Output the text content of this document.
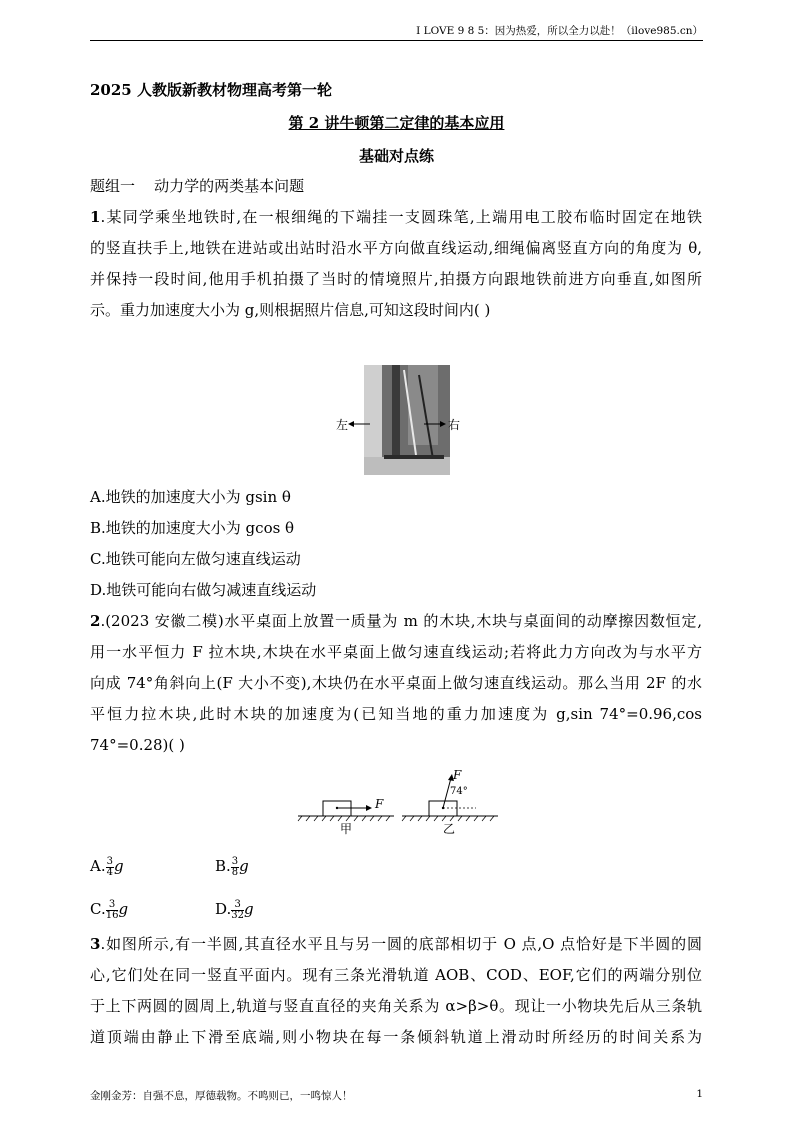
I LOVE 9 8 5：因为热爱，所以全力以赴！（ilove985.cn）
2025 人教版新教材物理高考第一轮
第 2 讲牛顿第二定律的基本应用
基础对点练
题组一    动力学的两类基本问题
1.某同学乘坐地铁时,在一根细绳的下端挂一支圆珠笔,上端用电工胶布临时固定在地铁
的竖直扶手上,地铁在进站或出站时沿水平方向做直线运动,细绳偏离竖直方向的角度为 θ,
并保持一段时间,他用手机拍摄了当时的情境照片,拍摄方向跟地铁前进方向垂直,如图所
示。重力加速度大小为 g,则根据照片信息,可知这段时间内( )
左	右
A.地铁的加速度大小为 gsin θ
B.地铁的加速度大小为 gcos θ
C.地铁可能向左做匀速直线运动
D.地铁可能向右做匀减速直线运动
2.(2023 安徽二模)水平桌面上放置一质量为 m 的木块,木块与桌面间的动摩擦因数恒定,
用一水平恒力 F 拉木块,木块在水平桌面上做匀速直线运动;若将此力方向改为与水平方
向成 74°角斜向上(F 大小不变),木块仍在水平桌面上做匀速直线运动。那么当用 2F 的水
平恒力拉木块,此时木块的加速度为(已知当地的重力加速度为 g,sin 74°=0.96,cos
74°=0.28)( )
F
F
74°
甲	乙
A. $\frac{3}{4}$ g	B. $\frac{3}{8}$ g
C. $\frac{3}{16}$ g	D. $\frac{3}{32}$ g
3.如图所示,有一半圆,其直径水平且与另一圆的底部相切于 O 点,O 点恰好是下半圆的圆
心,它们处在同一竖直平面内。现有三条光滑轨道 AOB、COD、EOF,它们的两端分别位
于上下两圆的圆周上,轨道与竖直直径的夹角关系为 α>β>θ。现让一小物块先后从三条轨
道顶端由静止下滑至底端,则小物块在每一条倾斜轨道上滑动时所经历的时间关系为
金刚金芳：自强不息，厚德载物。不鸣则已，一鸣惊人！	1
